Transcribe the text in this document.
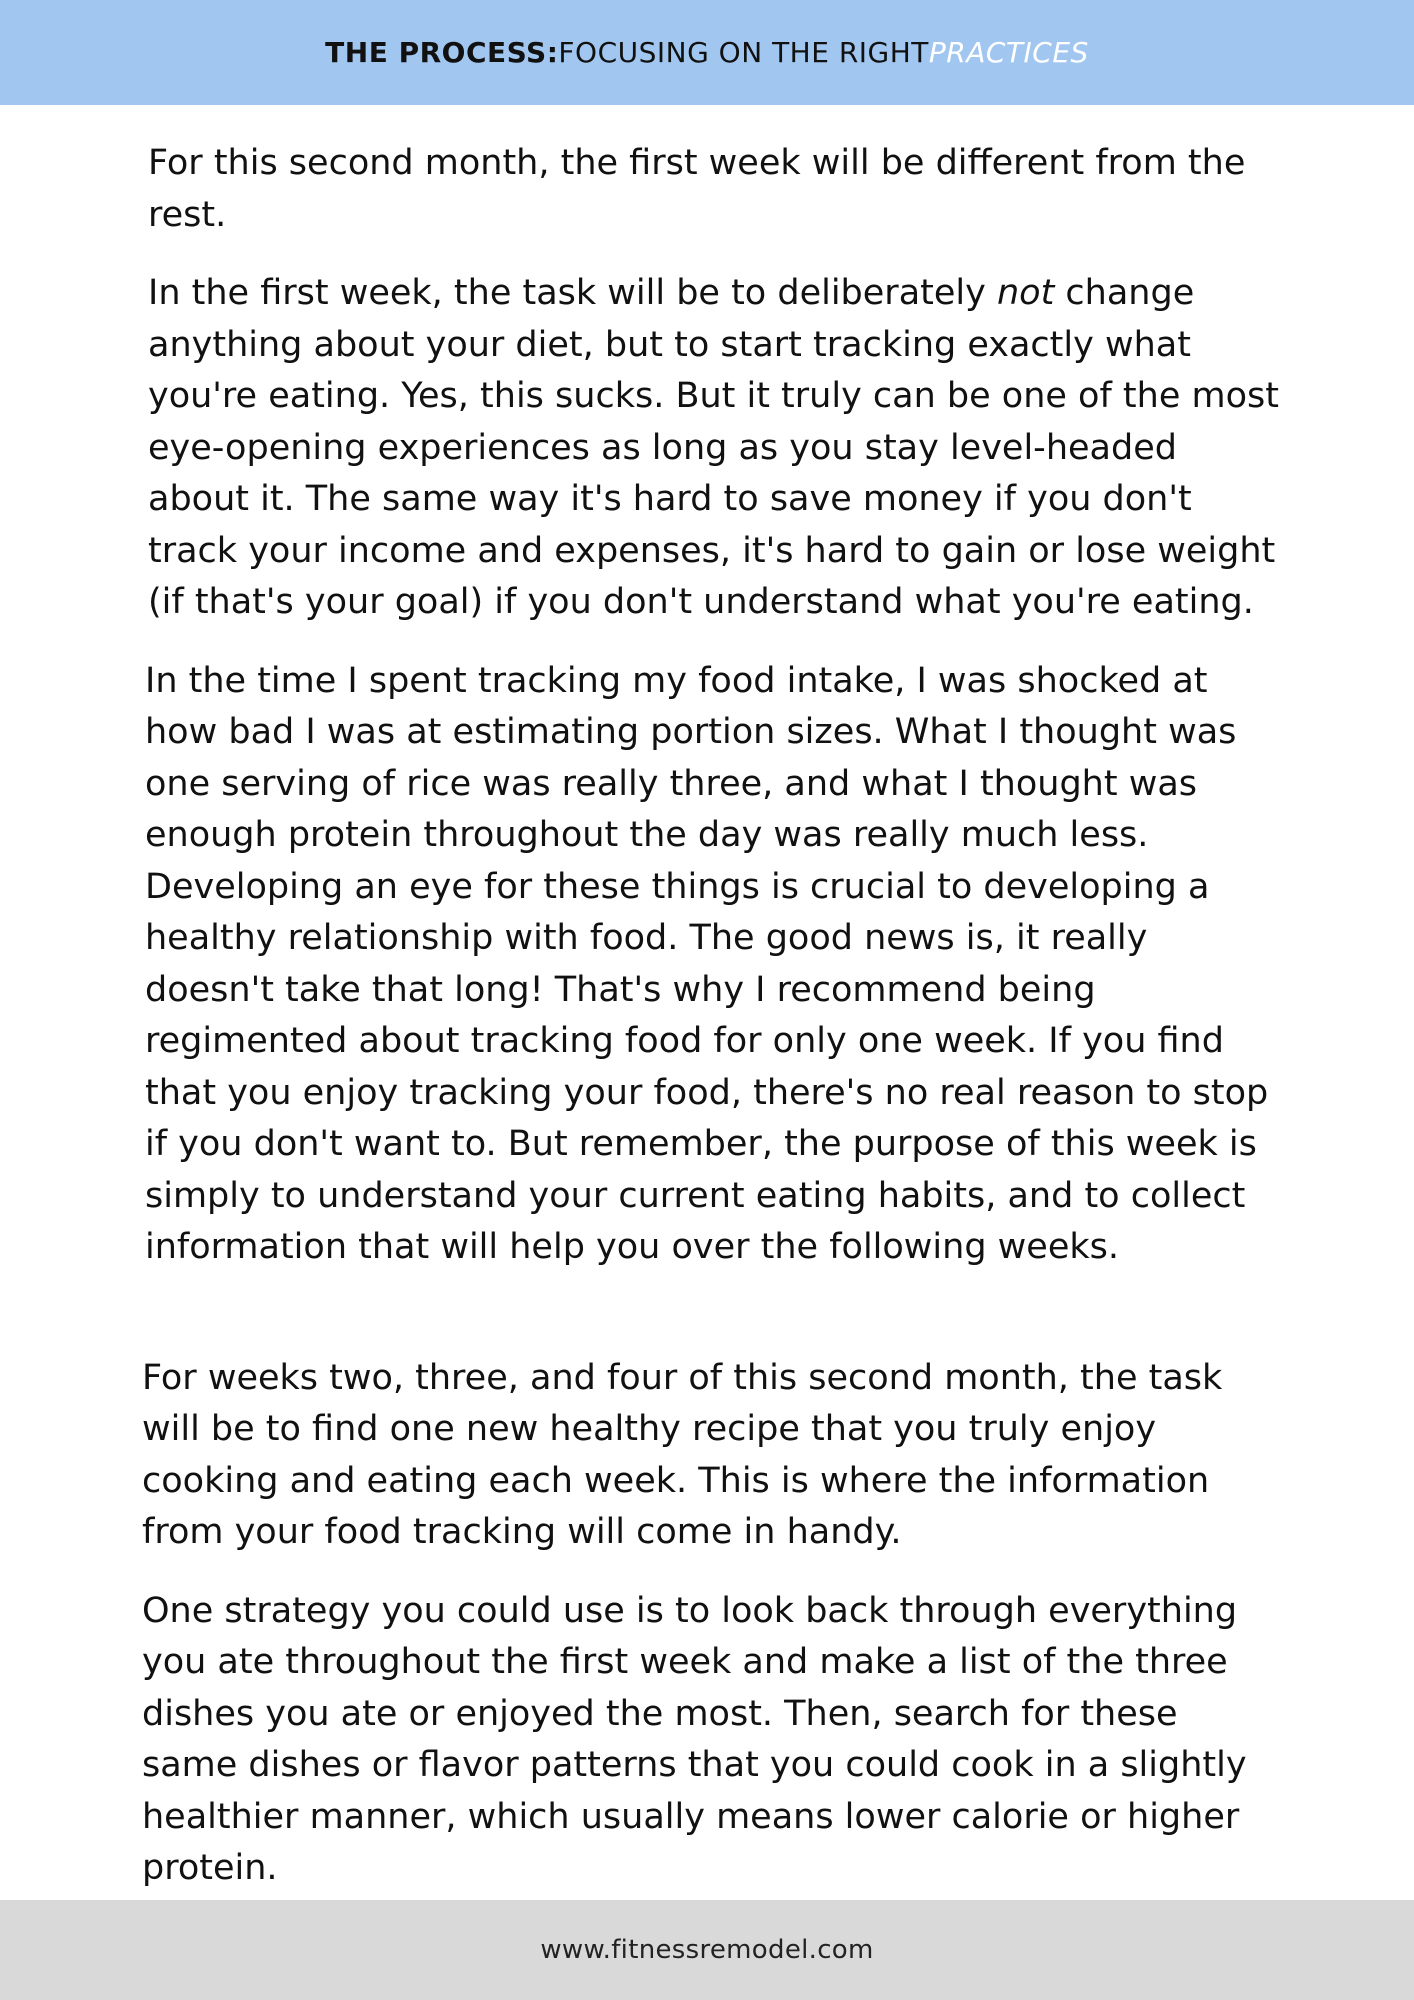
THE PROCESS: FOCUSING ON THE RIGHT PRACTICES

For this second month, the first week will be different from the rest.

In the first week, the task will be to deliberately not change anything about your diet, but to start tracking exactly what you're eating. Yes, this sucks. But it truly can be one of the most eye-opening experiences as long as you stay level-headed about it. The same way it's hard to save money if you don't track your income and expenses, it's hard to gain or lose weight (if that's your goal) if you don't understand what you're eating.

In the time I spent tracking my food intake, I was shocked at how bad I was at estimating portion sizes. What I thought was one serving of rice was really three, and what I thought was enough protein throughout the day was really much less. Developing an eye for these things is crucial to developing a healthy relationship with food. The good news is, it really doesn't take that long! That's why I recommend being regimented about tracking food for only one week. If you find that you enjoy tracking your food, there's no real reason to stop if you don't want to. But remember, the purpose of this week is simply to understand your current eating habits, and to collect information that will help you over the following weeks.

For weeks two, three, and four of this second month, the task will be to find one new healthy recipe that you truly enjoy cooking and eating each week. This is where the information from your food tracking will come in handy.

One strategy you could use is to look back through everything you ate throughout the first week and make a list of the three dishes you ate or enjoyed the most. Then, search for these same dishes or flavor patterns that you could cook in a slightly healthier manner, which usually means lower calorie or higher protein.

www.fitnessremodel.com
